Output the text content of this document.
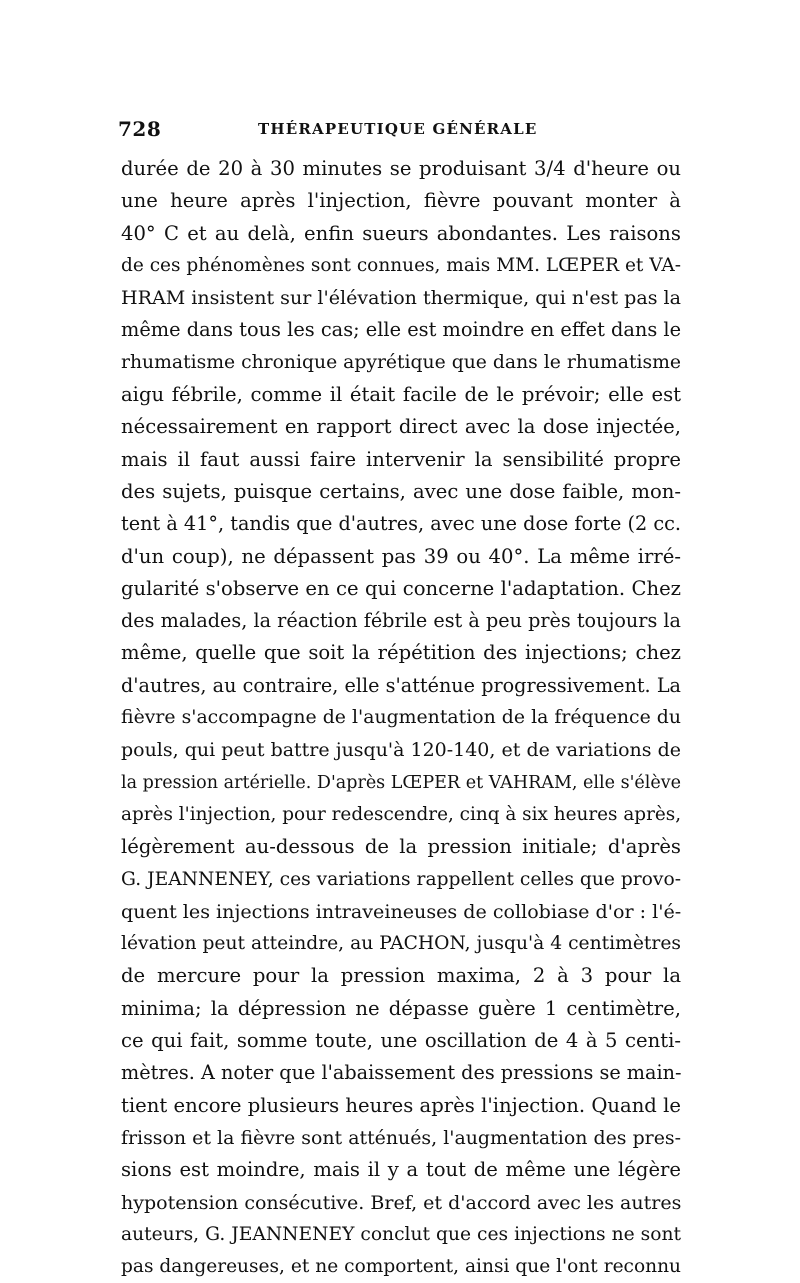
728	THÉRAPEUTIQUE GÉNÉRALE
durée de 20 à 30 minutes se produisant 3/4 d'heure ou
une heure après l'injection, fièvre pouvant monter à
40° C et au delà, enfin sueurs abondantes. Les raisons
de ces phénomènes sont connues, mais MM. LŒPER et VA-
HRAM insistent sur l'élévation thermique, qui n'est pas la
même dans tous les cas; elle est moindre en effet dans le
rhumatisme chronique apyrétique que dans le rhumatisme
aigu fébrile, comme il était facile de le prévoir; elle est
nécessairement en rapport direct avec la dose injectée,
mais il faut aussi faire intervenir la sensibilité propre
des sujets, puisque certains, avec une dose faible, mon-
tent à 41°, tandis que d'autres, avec une dose forte (2 cc.
d'un coup), ne dépassent pas 39 ou 40°. La même irré-
gularité s'observe en ce qui concerne l'adaptation. Chez
des malades, la réaction fébrile est à peu près toujours la
même, quelle que soit la répétition des injections; chez
d'autres, au contraire, elle s'atténue progressivement. La
fièvre s'accompagne de l'augmentation de la fréquence du
pouls, qui peut battre jusqu'à 120-140, et de variations de
la pression artérielle. D'après LŒPER et VAHRAM, elle s'élève
après l'injection, pour redescendre, cinq à six heures après,
légèrement au-dessous de la pression initiale; d'après
G. JEANNENEY, ces variations rappellent celles que provo-
quent les injections intraveineuses de collobiase d'or : l'é-
lévation peut atteindre, au PACHON, jusqu'à 4 centimètres
de mercure pour la pression maxima, 2 à 3 pour la
minima; la dépression ne dépasse guère 1 centimètre,
ce qui fait, somme toute, une oscillation de 4 à 5 centi-
mètres. A noter que l'abaissement des pressions se main-
tient encore plusieurs heures après l'injection. Quand le
frisson et la fièvre sont atténués, l'augmentation des pres-
sions est moindre, mais il y a tout de même une légère
hypotension consécutive. Bref, et d'accord avec les autres
auteurs, G. JEANNENEY conclut que ces injections ne sont
pas dangereuses, et ne comportent, ainsi que l'ont reconnu
